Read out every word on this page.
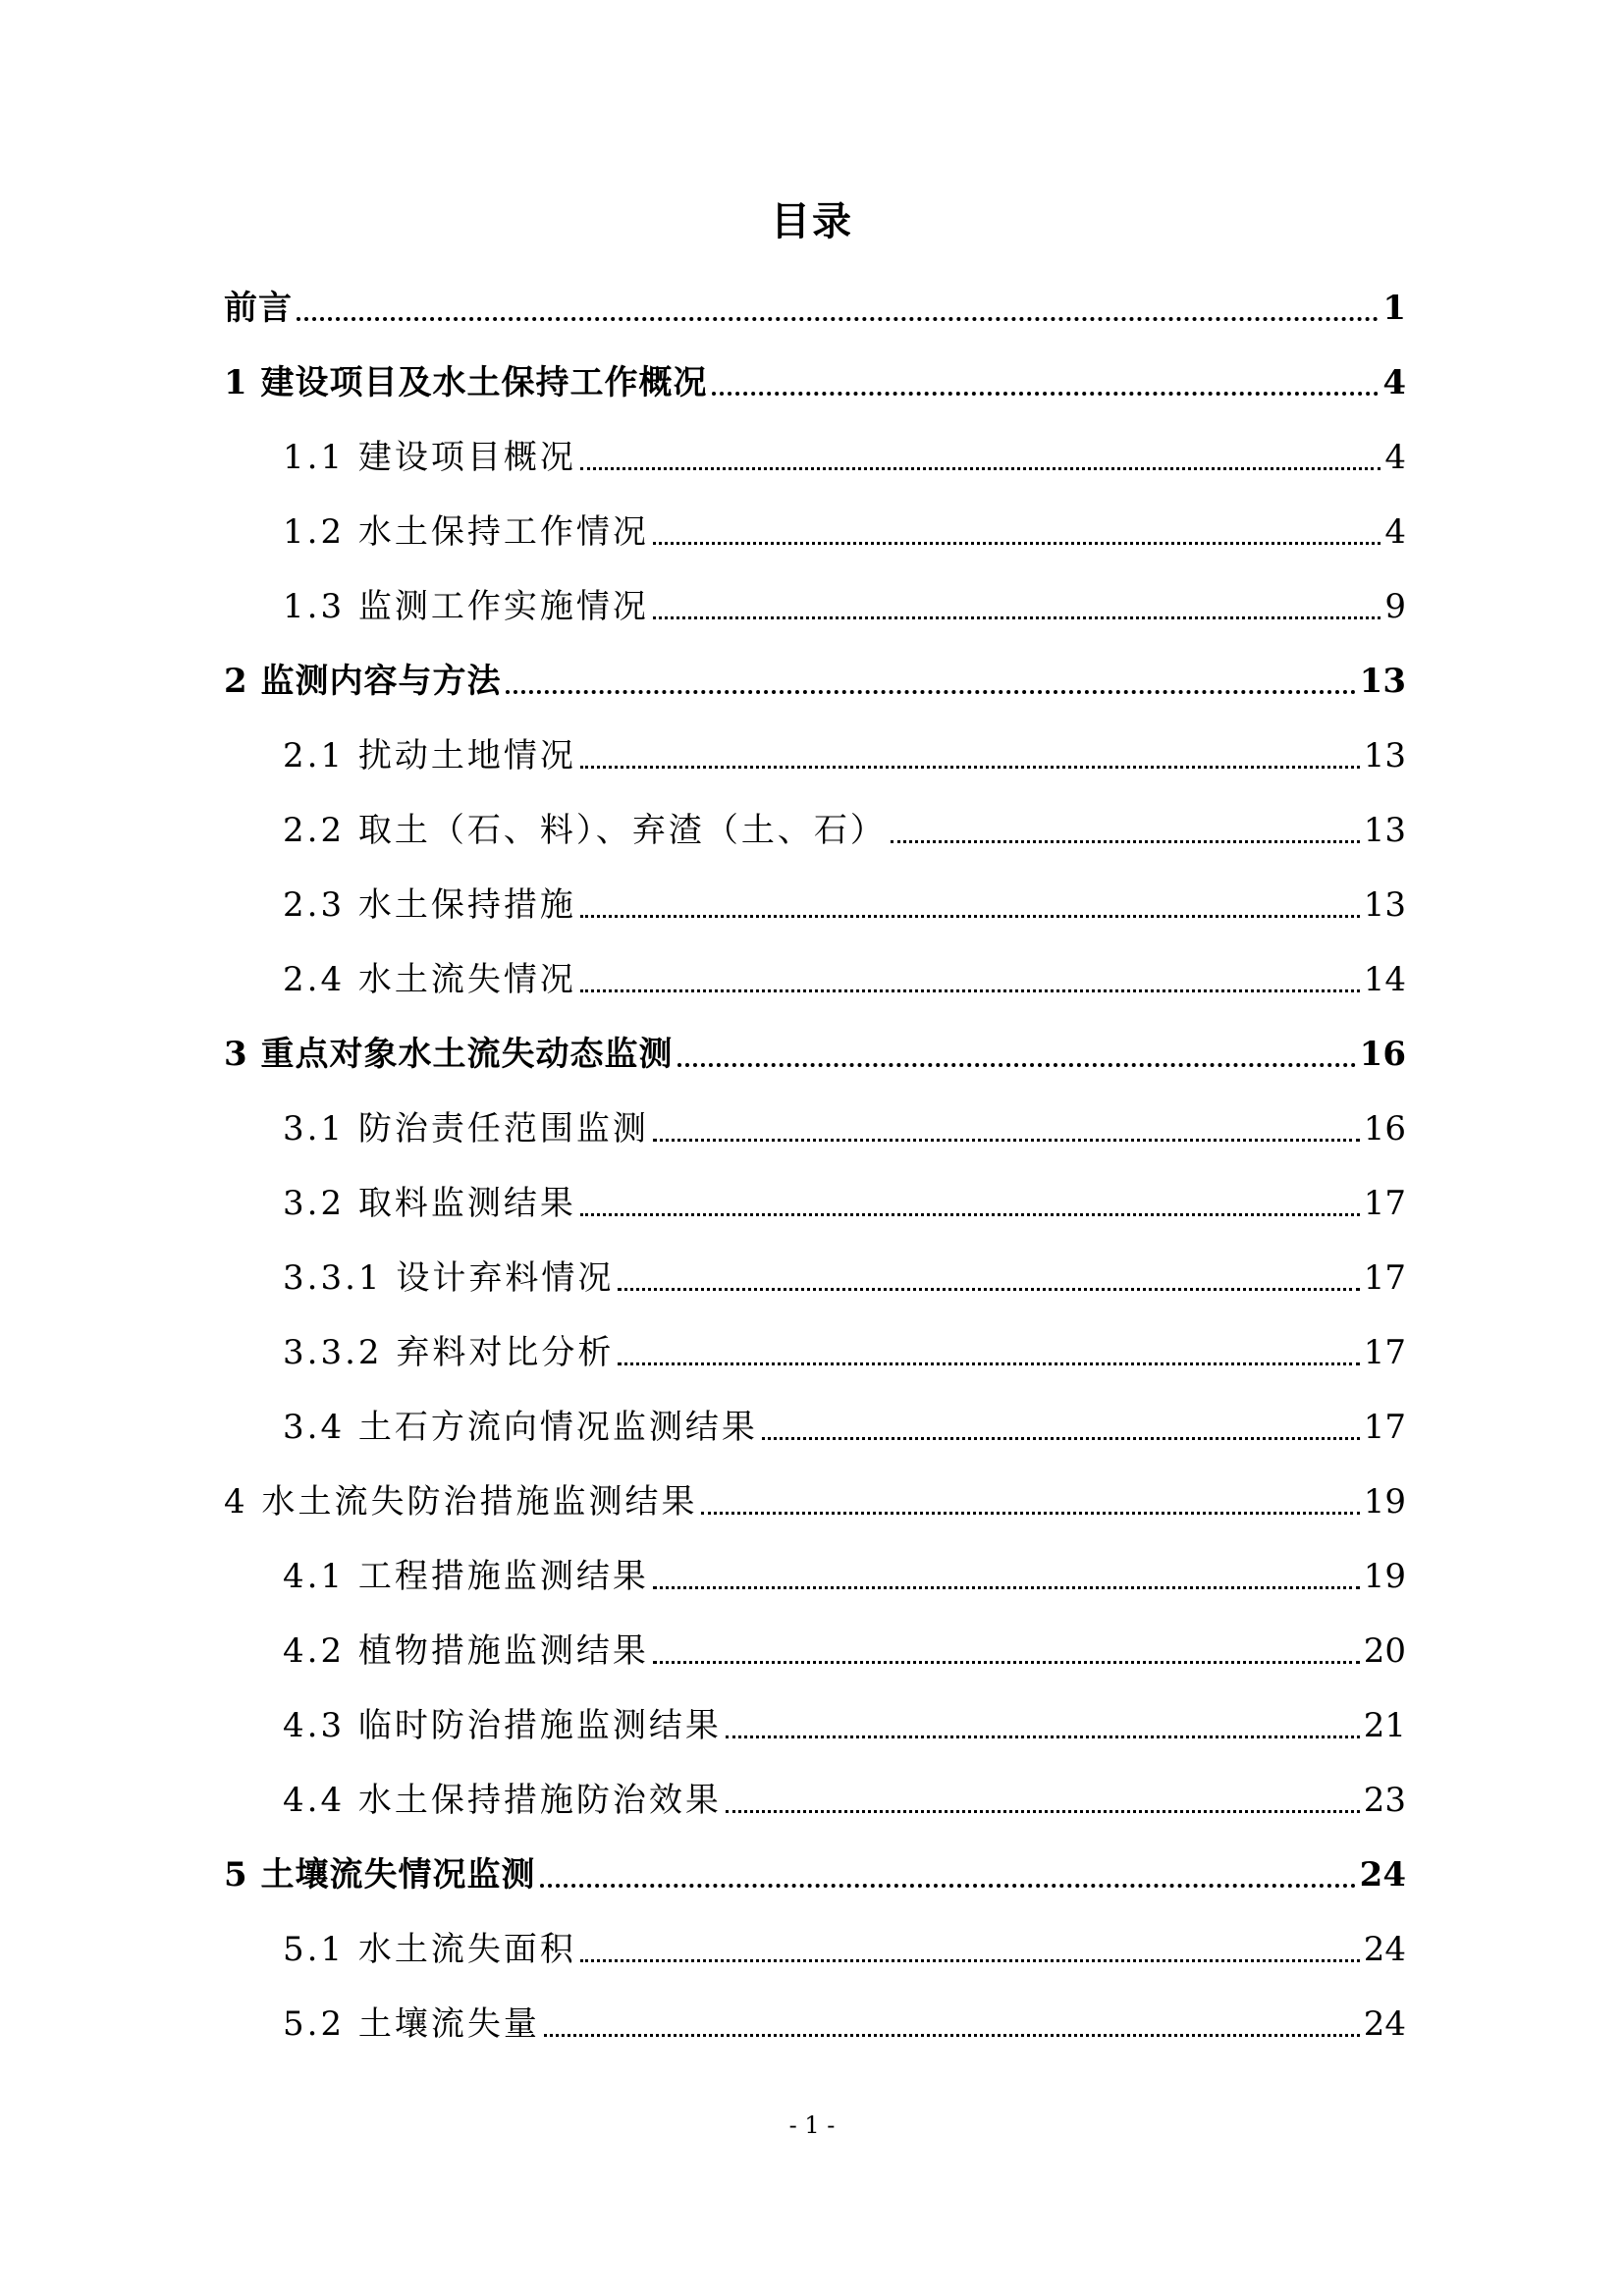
目录
前言	1
1 建设项目及水土保持工作概况	4
1.1 建设项目概况	4
1.2 水土保持工作情况	4
1.3 监测工作实施情况	9
2 监测内容与方法	13
2.1 扰动土地情况	13
2.2 取土（石、料）、弃渣（土、石）	13
2.3 水土保持措施	13
2.4 水土流失情况	14
3 重点对象水土流失动态监测	16
3.1 防治责任范围监测	16
3.2 取料监测结果	17
3.3.1 设计弃料情况	17
3.3.2 弃料对比分析	17
3.4 土石方流向情况监测结果	17
4 水土流失防治措施监测结果	19
4.1 工程措施监测结果	19
4.2 植物措施监测结果	20
4.3 临时防治措施监测结果	21
4.4 水土保持措施防治效果	23
5 土壤流失情况监测	24
5.1 水土流失面积	24
5.2 土壤流失量	24
- 1 -
